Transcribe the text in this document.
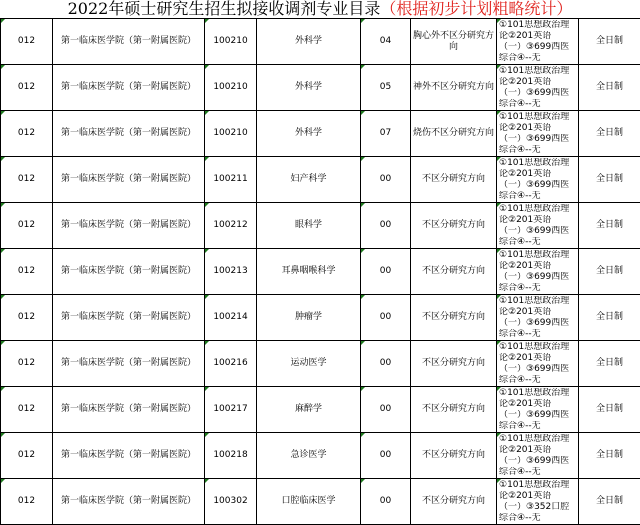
2022年硕士研究生招生拟接收调剂专业目录（根据初步计划粗略统计）
012	第一临床医学院（第一附属医院）	100210	外科学	04	胸心外不区分研究方向	①101思想政治理
论②201英语
（一）③699西医
综合④--无	全日制
012	第一临床医学院（第一附属医院）	100210	外科学	05	神外不区分研究方向	①101思想政治理
论②201英语
（一）③699西医
综合④--无	全日制
012	第一临床医学院（第一附属医院）	100210	外科学	07	烧伤不区分研究方向	①101思想政治理
论②201英语
（一）③699西医
综合④--无	全日制
012	第一临床医学院（第一附属医院）	100211	妇产科学	00	不区分研究方向	①101思想政治理
论②201英语
（一）③699西医
综合④--无	全日制
012	第一临床医学院（第一附属医院）	100212	眼科学	00	不区分研究方向	①101思想政治理
论②201英语
（一）③699西医
综合④--无	全日制
012	第一临床医学院（第一附属医院）	100213	耳鼻咽喉科学	00	不区分研究方向	①101思想政治理
论②201英语
（一）③699西医
综合④--无	全日制
012	第一临床医学院（第一附属医院）	100214	肿瘤学	00	不区分研究方向	①101思想政治理
论②201英语
（一）③699西医
综合④--无	全日制
012	第一临床医学院（第一附属医院）	100216	运动医学	00	不区分研究方向	①101思想政治理
论②201英语
（一）③699西医
综合④--无	全日制
012	第一临床医学院（第一附属医院）	100217	麻醉学	00	不区分研究方向	①101思想政治理
论②201英语
（一）③699西医
综合④--无	全日制
012	第一临床医学院（第一附属医院）	100218	急诊医学	00	不区分研究方向	①101思想政治理
论②201英语
（一）③699西医
综合④--无	全日制
012	第一临床医学院（第一附属医院）	100302	口腔临床医学	00	不区分研究方向	①101思想政治理
论②201英语
（一）③352口腔
综合④--无	全日制
